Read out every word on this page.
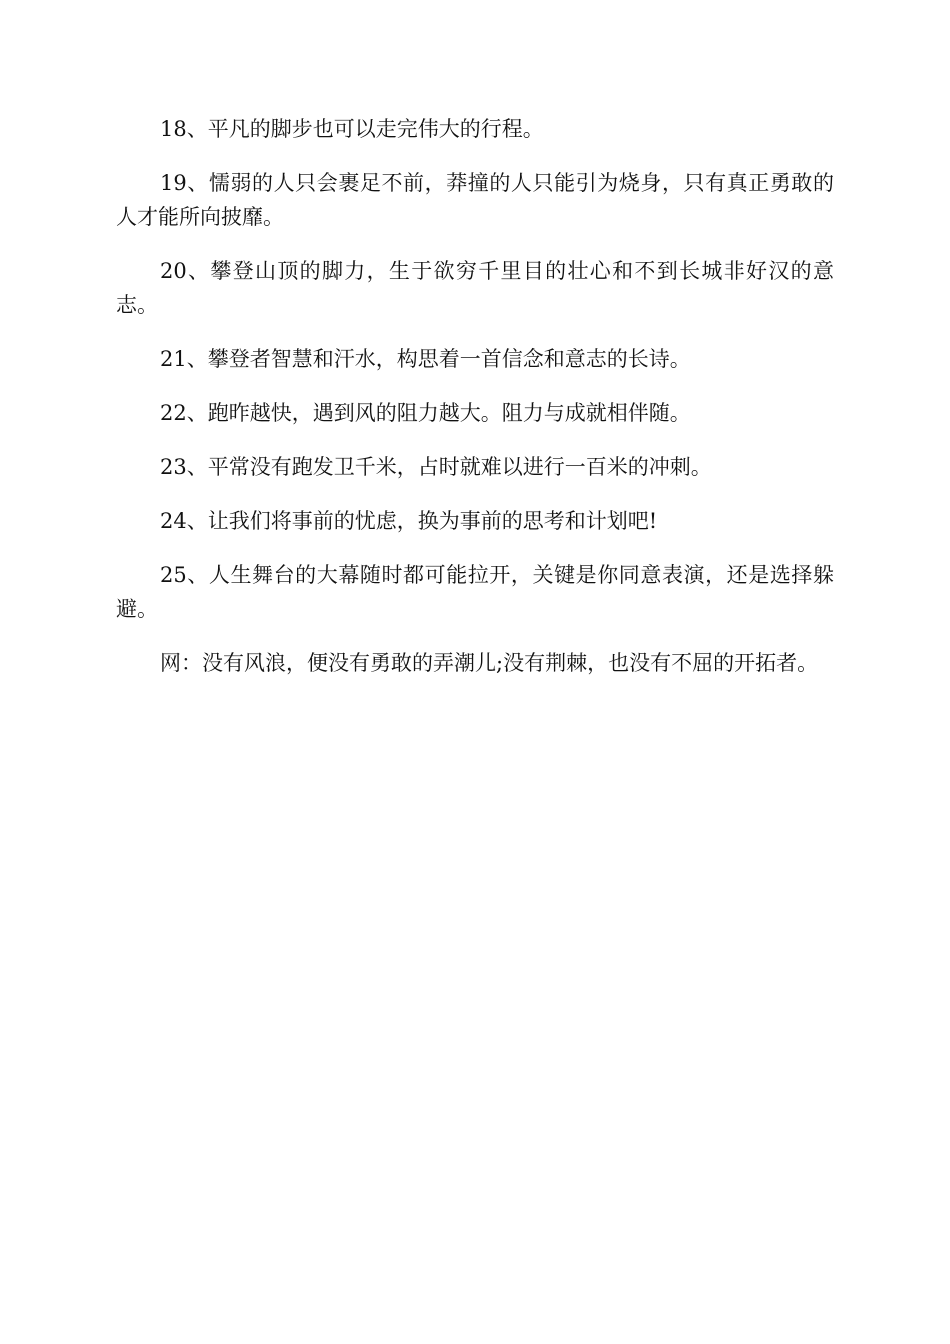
18、平凡的脚步也可以走完伟大的行程。

19、懦弱的人只会裹足不前，莽撞的人只能引为烧身，只有真正勇敢的人才能所向披靡。

20、攀登山顶的脚力，生于欲穷千里目的壮心和不到长城非好汉的意志。

21、攀登者智慧和汗水，构思着一首信念和意志的长诗。

22、跑昨越快，遇到风的阻力越大。阻力与成就相伴随。

23、平常没有跑发卫千米，占时就难以进行一百米的冲刺。

24、让我们将事前的忧虑，换为事前的思考和计划吧!

25、人生舞台的大幕随时都可能拉开，关键是你同意表演，还是选择躲避。

网：没有风浪，便没有勇敢的弄潮儿;没有荆棘，也没有不屈的开拓者。
